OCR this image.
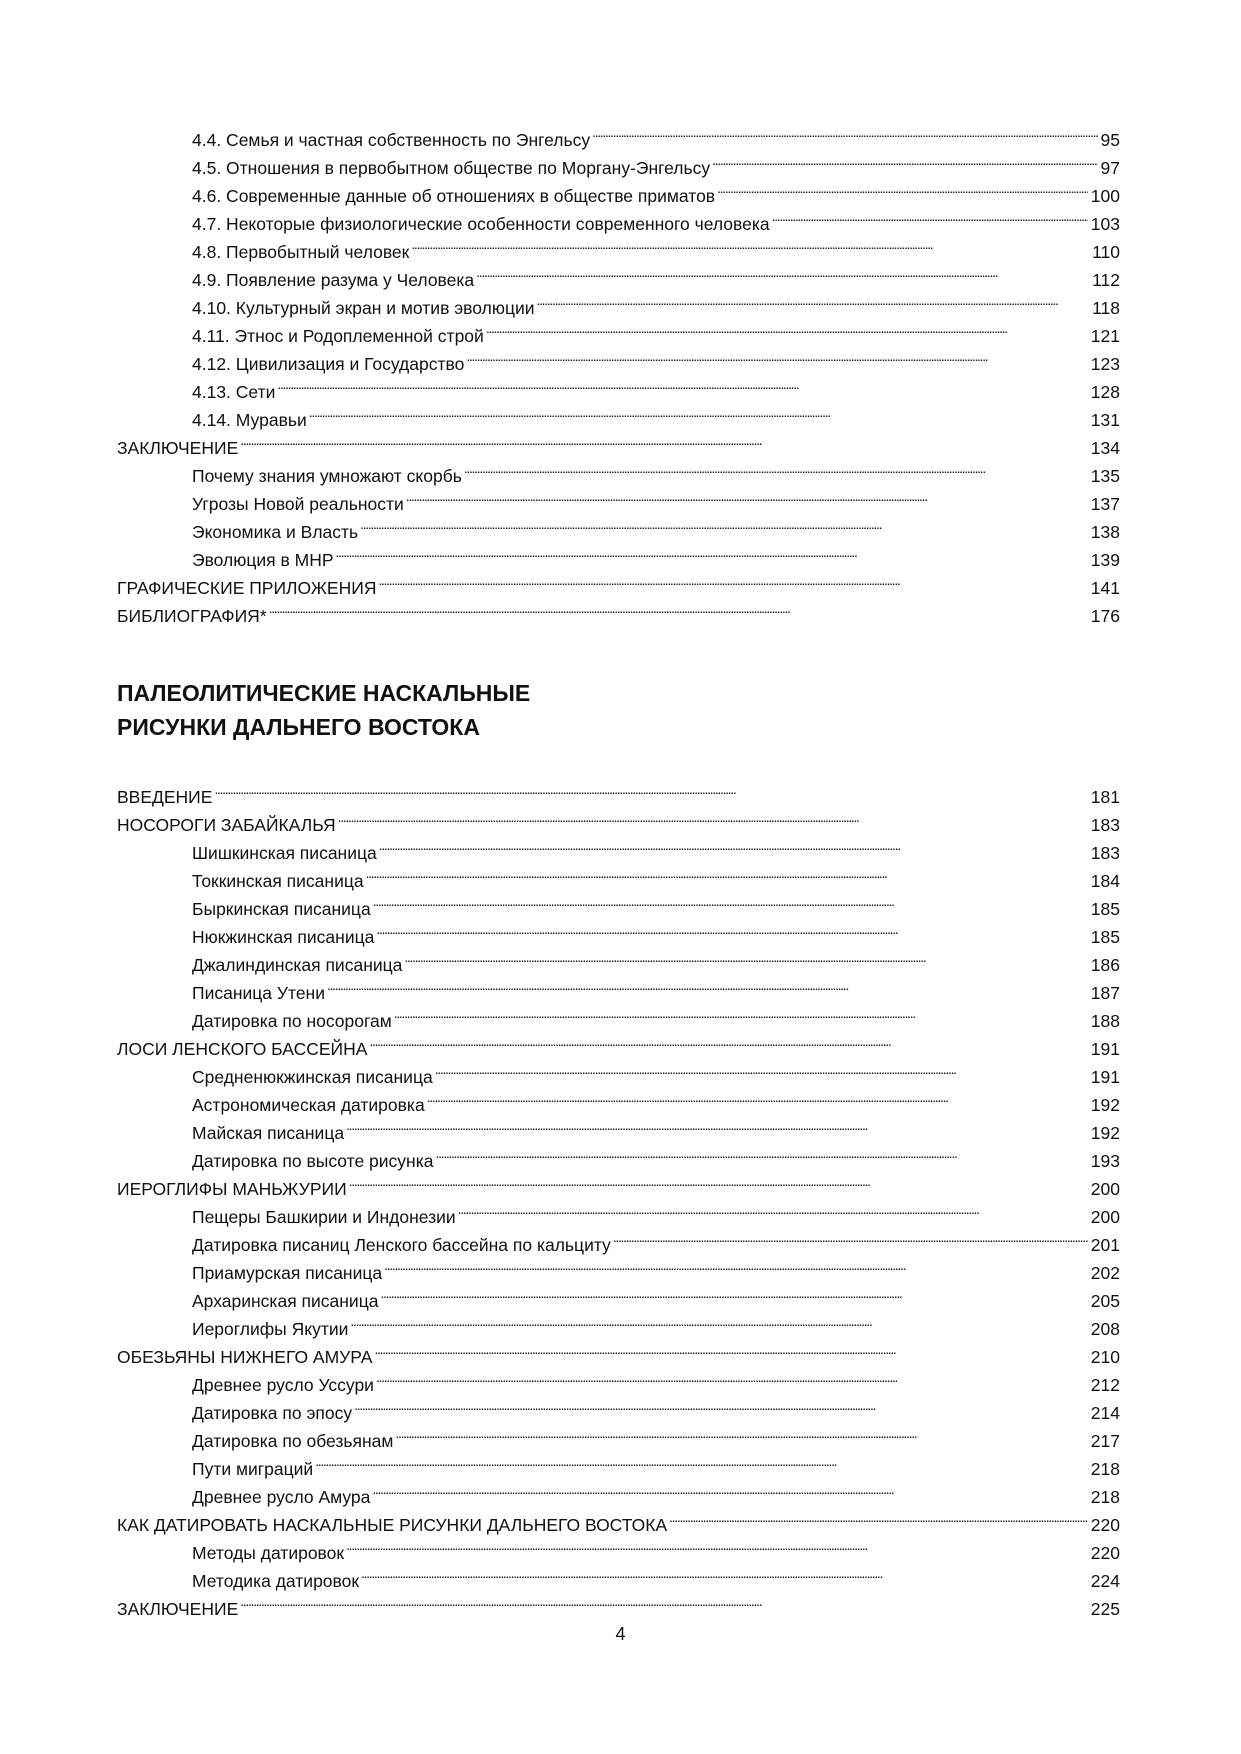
4.4. Семья и частная собственность по Энгельсу . . .	95
4.5. Отношения в первобытном обществе по Моргану-Энгельсу . . .	97
4.6. Современные данные об отношениях в обществе приматов . . .	100
4.7. Некоторые физиологические особенности современного человека . . .	103
4.8. Первобытный человек . . .	110
4.9. Появление разума у Человека . . .	112
4.10. Культурный экран и мотив эволюции . . .	118
4.11. Этнос и Родоплеменной строй . . .	121
4.12. Цивилизация и Государство . . .	123
4.13. Сети . . .	128
4.14. Муравьи . . .	131
ЗАКЛЮЧЕНИЕ . . .	134
Почему знания умножают скорбь . . .	135
Угрозы Новой реальности . . .	137
Экономика и Власть . . .	138
Эволюция в МНР . . .	139
ГРАФИЧЕСКИЕ ПРИЛОЖЕНИЯ . . .	141
БИБЛИОГРАФИЯ* . . .	176
ПАЛЕОЛИТИЧЕСКИЕ НАСКАЛЬНЫЕ
РИСУНКИ ДАЛЬНЕГО ВОСТОКА
ВВЕДЕНИЕ . . .	181
НОСОРОГИ ЗАБАЙКАЛЬЯ . . .	183
Шишкинская писаница . . .	183
Токкинская писаница . . .	184
Быркинская писаница . . .	185
Нюкжинская писаница . . .	185
Джалиндинская писаница . . .	186
Писаница Утени . . .	187
Датировка по носорогам . . .	188
ЛОСИ ЛЕНСКОГО БАССЕЙНА . . .	191
Средненюкжинская писаница . . .	191
Астрономическая датировка . . .	192
Майская писаница . . .	192
Датировка по высоте рисунка . . .	193
ИЕРОГЛИФЫ МАНЬЖУРИИ . . .	200
Пещеры Башкирии и Индонезии . . .	200
Датировка писаниц Ленского бассейна по кальциту . . .	201
Приамурская писаница . . .	202
Архаринская писаница . . .	205
Иероглифы Якутии . . .	208
ОБЕЗЬЯНЫ НИЖНЕГО АМУРА . . .	210
Древнее русло Уссури . . .	212
Датировка по эпосу . . .	214
Датировка по обезьянам . . .	217
Пути миграций . . .	218
Древнее русло Амура . . .	218
КАК ДАТИРОВАТЬ НАСКАЛЬНЫЕ РИСУНКИ ДАЛЬНЕГО ВОСТОКА . . .	220
Методы датировок . . .	220
Методика датировок . . .	224
ЗАКЛЮЧЕНИЕ . . .	225
4
